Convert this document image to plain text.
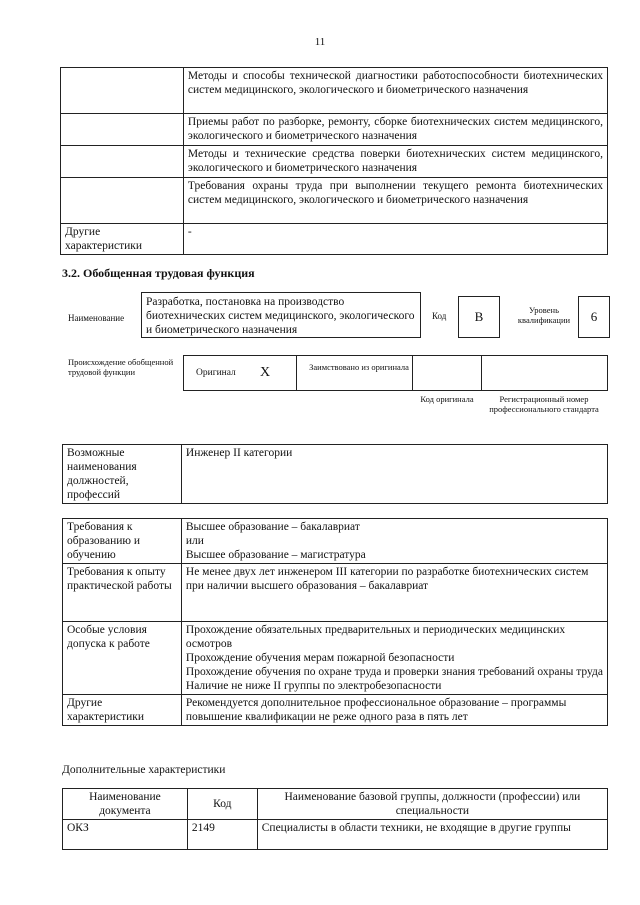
11
	Методы и способы технической диагностики работоспособности биотехнических систем медицинского, экологического и биометрического назначения
	Приемы работ по разборке, ремонту, сборке биотехнических систем медицинского, экологического и биометрического назначения
	Методы и технические средства поверки биотехнических систем медицинского, экологического и биометрического назначения
	Требования охраны труда при выполнении текущего ремонта биотехнических систем медицинского, экологического и биометрического назначения
Другие характеристики	-
3.2. Обобщенная трудовая функция
Наименование
Разработка, постановка на производство биотехнических систем медицинского, экологического и биометрического назначения
Код	B	Уровень квалификации	6
Происхождение обобщенной трудовой функции	Оригинал X	Заимствовано из оригинала
Код оригинала	Регистрационный номер профессионального стандарта
Возможные наименования должностей, профессий	Инженер II категории
Требования к образованию и обучению	Высшее образование – бакалавриат
или
Высшее образование – магистратура

Требования к опыту практической работы	Не менее двух лет инженером III категории по разработке биотехнических систем при наличии высшего образования – бакалавриат

Особые условия допуска к работе	Прохождение обязательных предварительных и периодических медицинских осмотров
Прохождение обучения мерам пожарной безопасности
Прохождение обучения по охране труда и проверки знания требований охраны труда
Наличие не ниже II группы по электробезопасности

Другие характеристики	Рекомендуется дополнительное профессиональное образование – программы повышение квалификации не реже одного раза в пять лет
Дополнительные характеристики
Наименование документа	Код	Наименование базовой группы, должности (профессии) или специальности
ОКЗ	2149	Специалисты в области техники, не входящие в другие группы
